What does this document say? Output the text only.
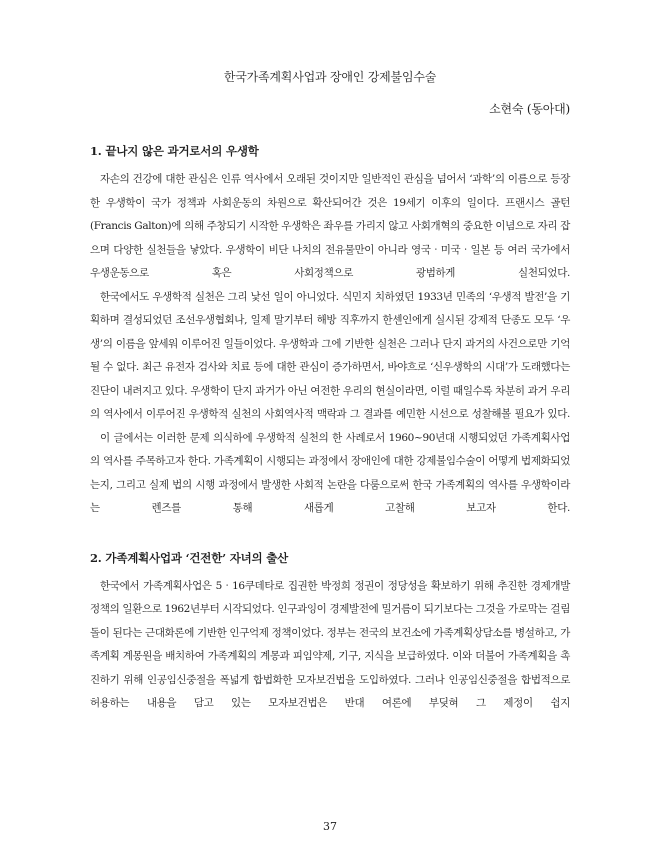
한국가족계획사업과 장애인 강제불임수술
소현숙 (동아대)
1. 끝나지 않은 과거로서의 우생학

자손의 건강에 대한 관심은 인류 역사에서 오래된 것이지만 일반적인 관심을 넘어서 ‘과학’의 이름으로 등장한 우생학이 국가 정책과 사회운동의 차원으로 확산되어간 것은 19세기 이후의 일이다. 프랜시스 골턴(Francis Galton)에 의해 주창되기 시작한 우생학은 좌우를 가리지 않고 사회개혁의 중요한 이념으로 자리 잡으며 다양한 실천들을 낳았다. 우생학이 비단 나치의 전유물만이 아니라 영국‧미국‧일본 등 여러 국가에서 우생운동으로 혹은 사회정책으로 광범하게 실천되었다.

한국에서도 우생학적 실천은 그리 낯선 일이 아니었다. 식민지 치하였던 1933년 민족의 ‘우생적 발전’을 기획하며 결성되었던 조선우생협회나, 일제 말기부터 해방 직후까지 한센인에게 실시된 강제적 단종도 모두 ‘우생’의 이름을 앞세워 이루어진 일들이었다. 우생학과 그에 기반한 실천은 그러나 단지 과거의 사건으로만 기억될 수 없다. 최근 유전자 검사와 치료 등에 대한 관심이 증가하면서, 바야흐로 ‘신우생학의 시대’가 도래했다는 진단이 내려지고 있다. 우생학이 단지 과거가 아닌 여전한 우리의 현실이라면, 이럴 때일수록 차분히 과거 우리의 역사에서 이루어진 우생학적 실천의 사회역사적 맥락과 그 결과를 예민한 시선으로 성찰해볼 필요가 있다.

이 글에서는 이러한 문제 의식하에 우생학적 실천의 한 사례로서 1960~90년대 시행되었던 가족계획사업의 역사를 주목하고자 한다. 가족계획이 시행되는 과정에서 장애인에 대한 강제불임수술이 어떻게 법제화되었는지, 그리고 실제 법의 시행 과정에서 발생한 사회적 논란을 다룸으로써 한국 가족계획의 역사를 우생학이라는 렌즈를 통해 새롭게 고찰해 보고자 한다.

2. 가족계획사업과 ‘건전한’ 자녀의 출산

한국에서 가족계획사업은 5‧16쿠데타로 집권한 박정희 정권이 정당성을 확보하기 위해 추진한 경제개발정책의 일환으로 1962년부터 시작되었다. 인구과잉이 경제발전에 밀거름이 되기보다는 그것을 가로막는 걸림돌이 된다는 근대화론에 기반한 인구억제 정책이었다. 정부는 전국의 보건소에 가족계획상담소를 병설하고, 가족계획 계몽원을 배치하여 가족계획의 계몽과 피임약제, 기구, 지식을 보급하였다. 이와 더불어 가족계획을 촉진하기 위해 인공임신중절을 폭넓게 합법화한 모자보건법을 도입하였다. 그러나 인공임신중절을 합법적으로 허용하는 내용을 담고 있는 모자보건법은 반대 여론에 부딪혀 그 제정이 쉽지

37
